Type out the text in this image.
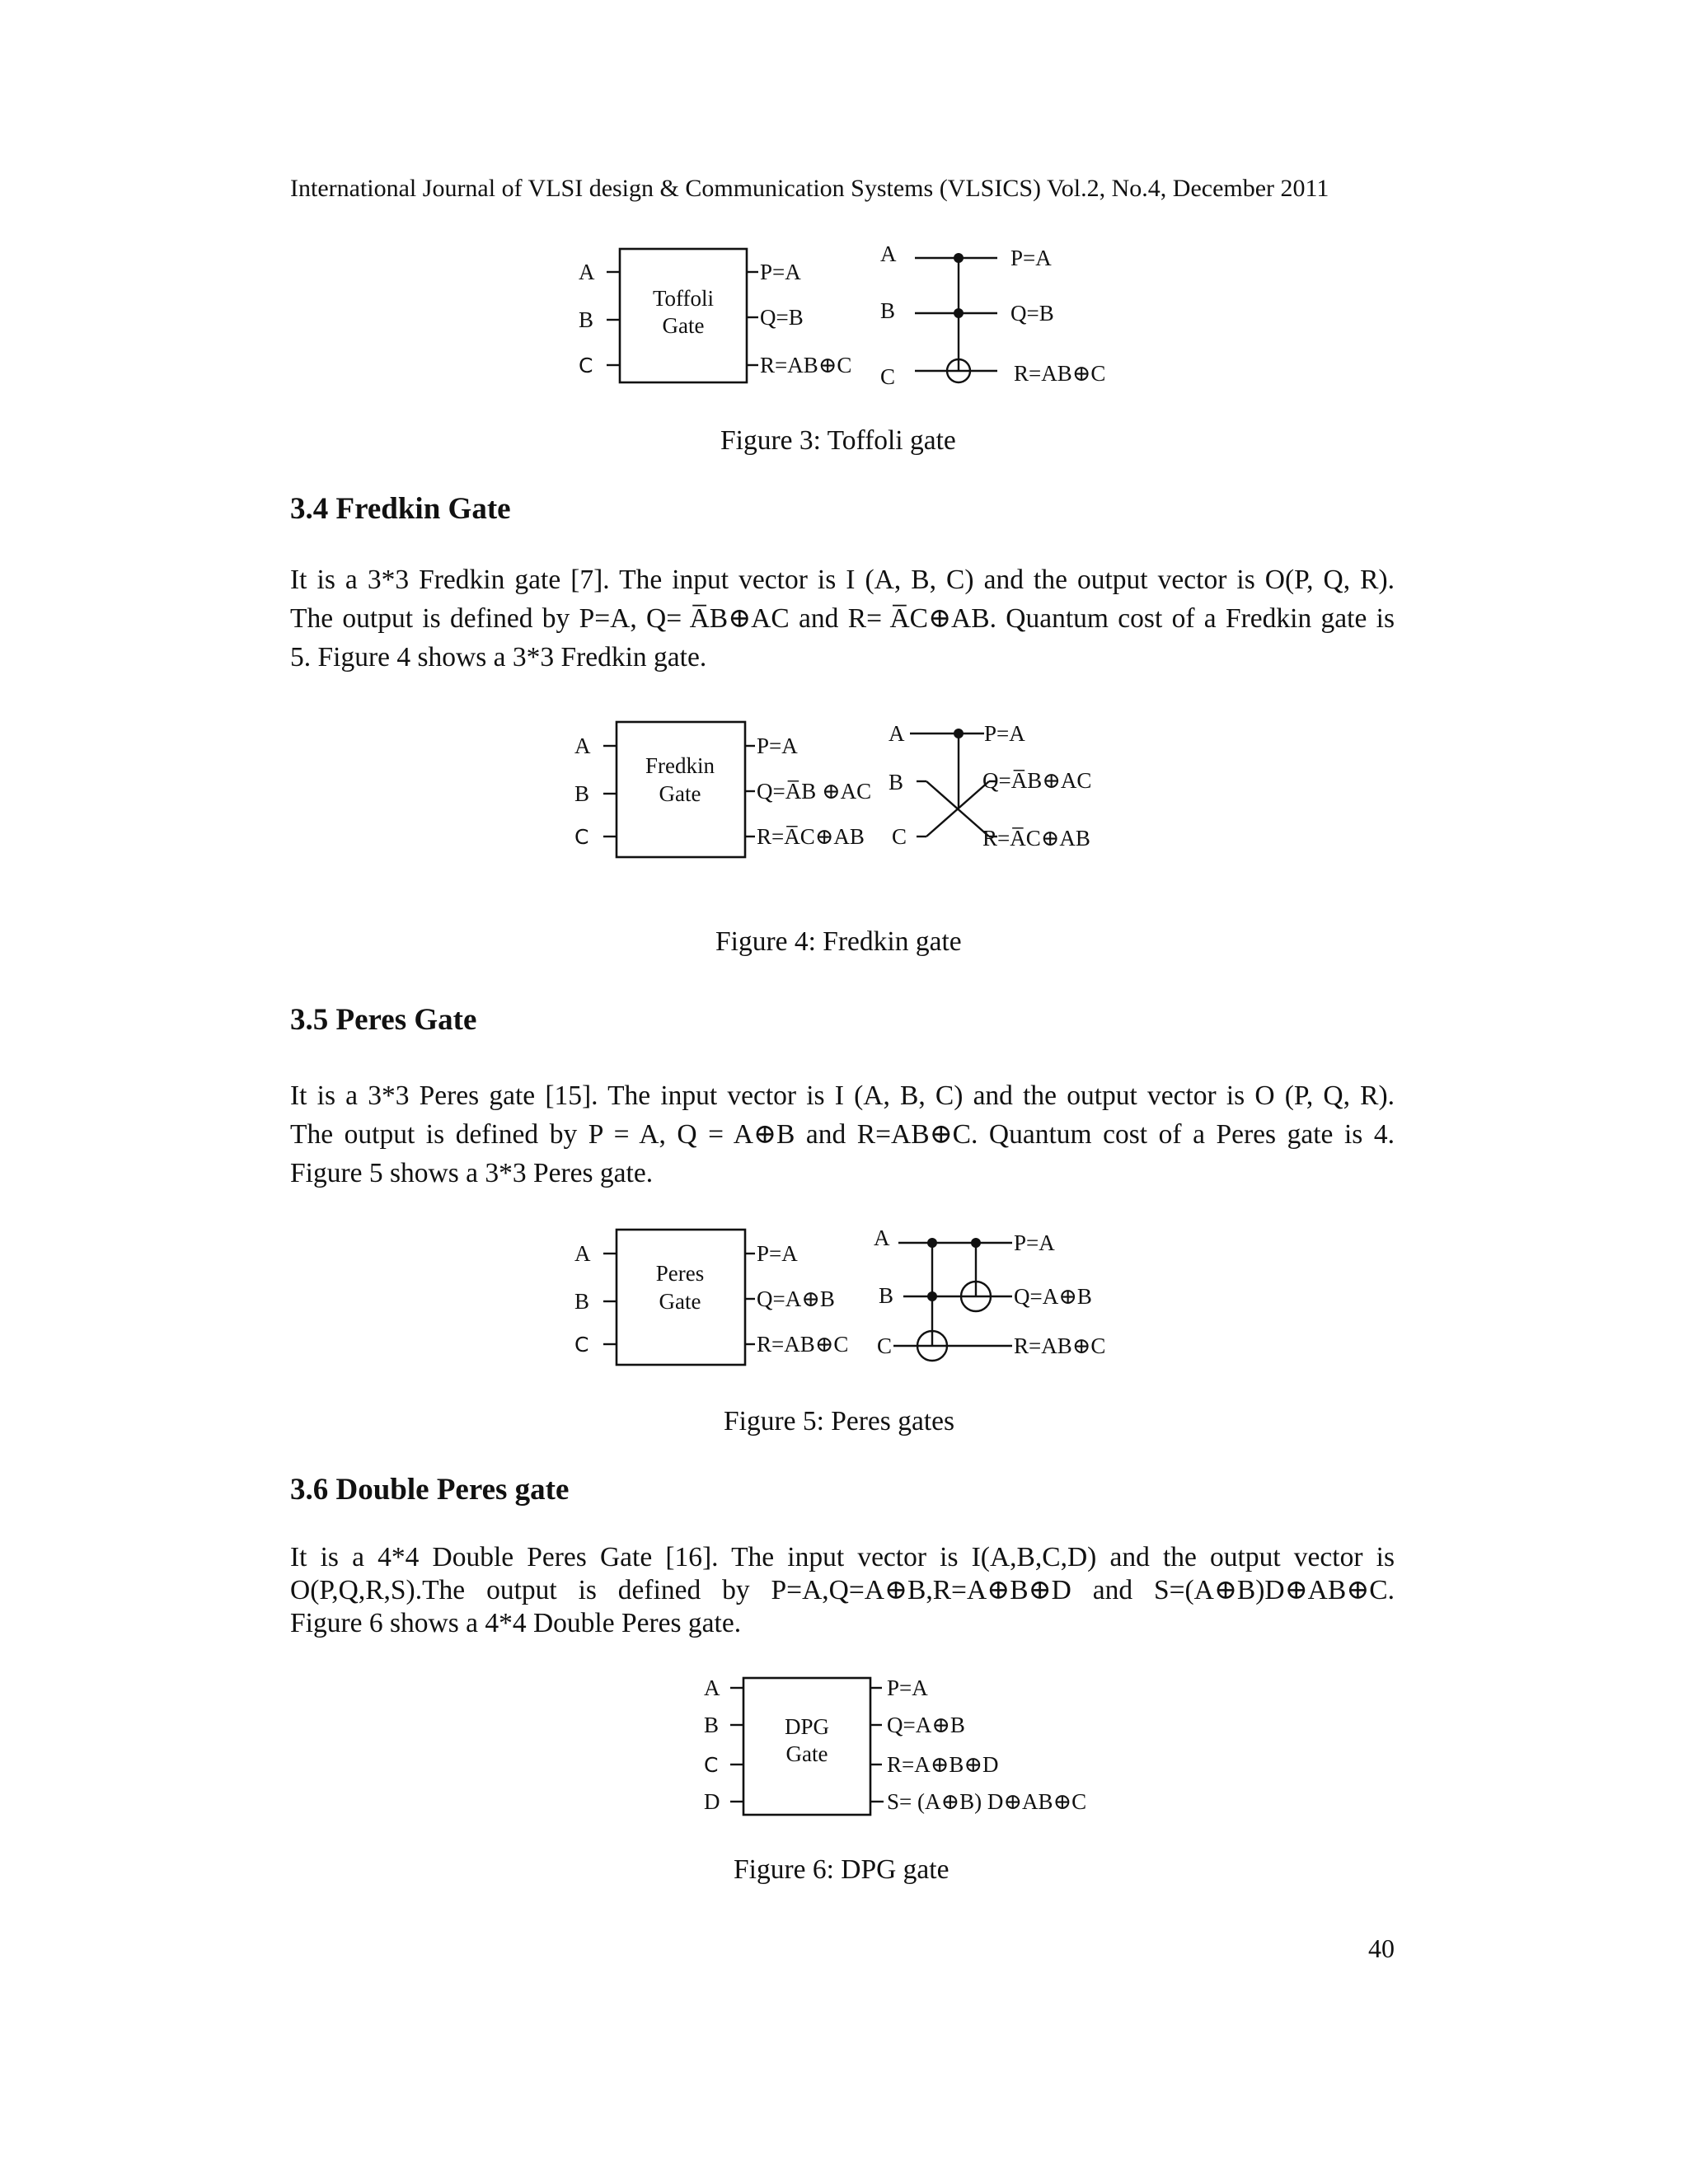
International Journal of VLSI design & Communication Systems (VLSICS) Vol.2, No.4, December 2011
Toffoli
Gate
A
B
C
P=A
Q=B
R=AB⊕C
A
B
C
P=A
Q=B
R=AB⊕C
Figure 3: Toffoli gate
3.4 Fredkin Gate
It is a 3*3 Fredkin gate [7]. The input vector is I (A, B, C) and the output vector is O(P, Q, R).
The output is defined by P=A, Q= A̅B⊕AC and R= A̅C⊕AB. Quantum cost of a Fredkin gate is
5. Figure 4 shows a 3*3 Fredkin gate.
Fredkin
Gate
A
B
C
P=A
Q=A̅B ⊕AC
R=A̅C⊕AB
A
B
C
P=A
Q=A̅B⊕AC
R=A̅C⊕AB
Figure 4: Fredkin gate
3.5 Peres Gate
It is a 3*3 Peres gate [15]. The input vector is I (A, B, C) and the output vector is O (P, Q, R).
The output is defined by P = A, Q = A⊕B and R=AB⊕C. Quantum cost of a Peres gate is 4.
Figure 5 shows a 3*3 Peres gate.
Peres
Gate
A
B
C
P=A
Q=A⊕B
R=AB⊕C
A
B
C
P=A
Q=A⊕B
R=AB⊕C
Figure 5: Peres gates
3.6 Double Peres gate
It is a 4*4 Double Peres Gate [16]. The input vector is I(A,B,C,D) and the output vector is
O(P,Q,R,S).The output is defined by P=A,Q=A⊕B,R=A⊕B⊕D and S=(A⊕B)D⊕AB⊕C.
Figure 6 shows a 4*4 Double Peres gate.
DPG
Gate
A
B
C
D
P=A
Q=A⊕B
R=A⊕B⊕D
S= (A⊕B) D⊕AB⊕C
Figure 6: DPG gate
40
